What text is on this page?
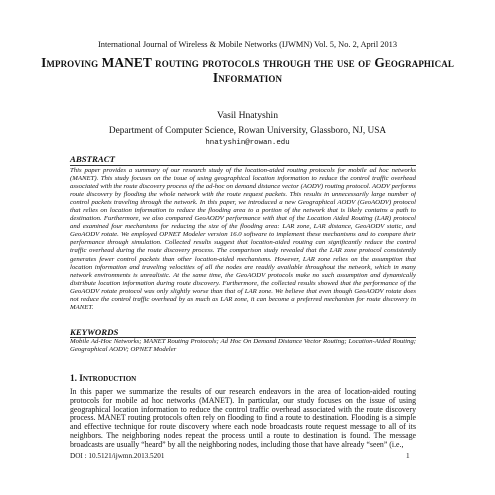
International Journal of Wireless & Mobile Networks (IJWMN) Vol. 5, No. 2, April 2013
Improving MANET routing protocols through the use of Geographical Information
Vasil Hnatyshin
Department of Computer Science, Rowan University, Glassboro, NJ, USA
hnatyshin@rowan.edu
ABSTRACT
This paper provides a summary of our research study of the location-aided routing protocols for mobile ad hoc networks (MANET). This study focuses on the issue of using geographical location information to reduce the control traffic overhead associated with the route discovery process of the ad-hoc on demand distance vector (AODV) routing protocol. AODV performs route discovery by flooding the whole network with the route request packets. This results in unnecessarily large number of control packets traveling through the network. In this paper, we introduced a new Geographical AODV (GeoAODV) protocol that relies on location information to reduce the flooding area to a portion of the network that is likely contains a path to destination. Furthermore, we also compared GeoAODV performance with that of the Location Aided Routing (LAR) protocol and examined four mechanisms for reducing the size of the flooding area: LAR zone, LAR distance, GeoAODV static, and GeoAODV rotate. We employed OPNET Modeler version 16.0 software to implement these mechanisms and to compare their performance through simulation. Collected results suggest that location-aided routing can significantly reduce the control traffic overhead during the route discovery process. The comparison study revealed that the LAR zone protocol consistently generates fewer control packets than other location-aided mechanisms. However, LAR zone relies on the assumption that location information and traveling velocities of all the nodes are readily available throughout the network, which in many network environments is unrealistic. At the same time, the GeoAODV protocols make no such assumption and dynamically distribute location information during route discovery. Furthermore, the collected results showed that the performance of the GeoAODV rotate protocol was only slightly worse than that of LAR zone. We believe that even though GeoAODV rotate does not reduce the control traffic overhead by as much as LAR zone, it can become a preferred mechanism for route discovery in MANET.
KEYWORDS
Mobile Ad-Hoc Networks; MANET Routing Protocols; Ad Hoc On Demand Distance Vector Routing; Location-Aided Routing; Geographical AODV; OPNET Modeler
1. Introduction
In this paper we summarize the results of our research endeavors in the area of location-aided routing protocols for mobile ad hoc networks (MANET). In particular, our study focuses on the issue of using geographical location information to reduce the control traffic overhead associated with the route discovery process. MANET routing protocols often rely on flooding to find a route to destination. Flooding is a simple and effective technique for route discovery where each node broadcasts route request message to all of its neighbors. The neighboring nodes repeat the process until a route to destination is found. The message broadcasts are usually “heard” by all the neighboring nodes, including those that have already “seen” (i.e.,
DOI : 10.5121/ijwmn.2013.5201	1
